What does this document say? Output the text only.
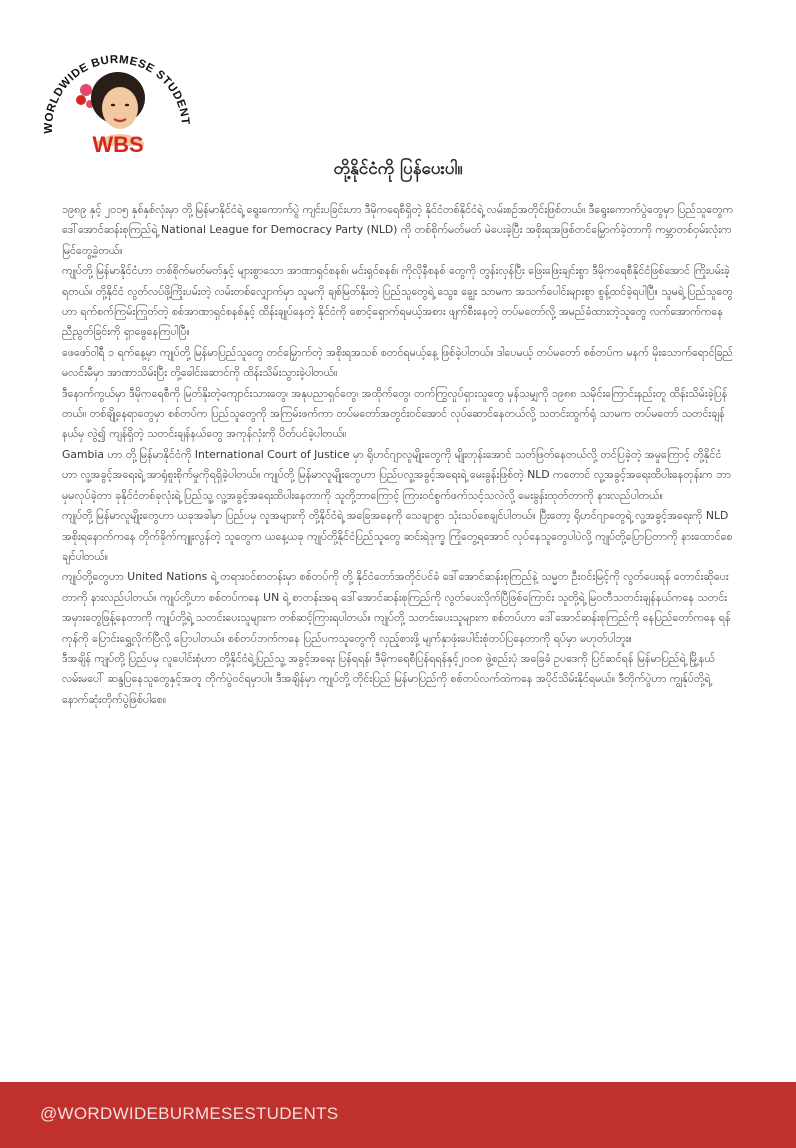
WORLDWIDE BURMESE STUDENT
WBS
တို့နိုင်ငံကို ပြန်ပေးပါ။

၁၉၈၉ နှင့် ၂၀၁၅ နှစ်နှစ်လုံးမှာ တို့မြန်မာနိုင်ငံရဲ့ ရွေးကောက်ပွဲ ကျင်းပခြင်းဟာ ဒီမိုကရေစီရှိတဲ့ နိုင်ငံတစ်နိုင်ငံရဲ့ လမ်းစဉ်အတိုင်းဖြစ်တယ်။ ဒီရွေးကောက်ပွဲတွေမှာ ပြည်သူတွေက ဒေါ်အောင်ဆန်းစုကြည်ရဲ့ National League for Democracy Party (NLD) ကို တစ်စိုက်မတ်မတ် မဲပေးခဲ့ပြီး အစိုးရအဖြစ်တင်မြှောက်ခဲ့တာကို ကမ္ဘာတစ်ဝှမ်းလုံးက မြင်တွေ့ခဲ့တယ်။

ကျုပ်တို့ မြန်မာနိုင်ငံဟာ တစ်စိုက်မတ်မတ်နှင့် များစွာသော အာဏာရှင်စနစ်၊ မင်းရှင်စနစ်၊ ကိုလိုနီစနစ် တွေကို တွန်းလှန်ပြီး ဖြေးဖြေးချင်းစွာ ဒီမိုကရေစီနိုင်ငံဖြစ်အောင် ကြိုးပမ်းခဲ့ရတယ်။ တို့နိုင်ငံ လွတ်လပ်ဖို့ကြိုးပမ်းတဲ့ လမ်းတစ်လျှောက်မှာ သူမကို ချစ်မြတ်နိုးတဲ့ ပြည်သူတွေရဲ့ သွေး၊ ချွေး သာမက အသက်ပေါင်းများစွာ စွန့်ထင်ခဲ့ရပါပြီ။ သူမရဲ့ ပြည်သူတွေဟာ ရက်စက်ကြမ်းကြုတ်တဲ့ စစ်အာဏာရှင်စနစ်နှင့် ထိန်းချုပ်နေတဲ့ နိုင်ငံကို စောင့်ရှောက်ရမယ့်အစား ဖျက်စီးနေတဲ့ တပ်မတော်လို့ အမည်ခံထားတဲ့သူတွေ လက်အောက်ကနေ ညီညွတ်ခြင်းကို ရှာဖွေနေကြပါပြီ။

ဖေဖော်ဝါရီ ၁ ရက်နေ့မှာ ကျုပ်တို့ မြန်မာပြည်သူတွေ တင်မြှောက်တဲ့ အစိုးရအသစ် စတင်ရမယ့်နေ့ ဖြစ်ခဲ့ပါတယ်။ ဒါပေမယ့် တပ်မတော် စစ်တပ်က မနက် မိုးသောက်ရောင်ခြည်မလင်းမီမှာ အာဏာသိမ်းပြီး တို့ခေါင်းဆောင်ကို ထိန်းသိမ်းသွားခဲ့ပါတယ်။

ဒီနောက်ကွယ်မှာ ဒီမိုကရေစီကို မြတ်နိုးတဲ့ကျောင်းသားတွေ၊ အနုပညာရှင်တွေ၊ အထိုက်တွေ၊ တက်ကြွလှုပ်ရှားသူတွေ မှန်သမျှကို ၁၉၈၈ သမိုင်းကြောင်းနည်းတူ ထိန်းသိမ်းခဲ့ပြန်တယ်။ တစ်ချို့နေရာတွေမှာ စစ်တပ်က ပြည်သူတွေကို အကြမ်းဖက်ကာ တပ်မတော်အတွင်းဝင်အောင် လုပ်ဆောင်နေတယ်လို့ သတင်းထွက်ရုံ သာမက တပ်မတော် သတင်းချန်နယ်မှ လွဲ၍ ကျန်ရှိတဲ့ သတင်းချန်နယ်တွေ အကုန်လုံးကို ပိတ်ပင်ခဲ့ပါတယ်။

Gambia ဟာ တို့မြန်မာနိုင်ငံကို International Court of Justice မှာ ရိုဟင်ဂျာလူမျိုးတွေကို မျိုးတုန်းအောင် သတ်ဖြတ်နေတယ်လို့ တင်ပြခဲ့တဲ့ အမှုကြောင့် တို့နိုင်ငံဟာ လူ့အခွင့်အရေးရဲ့ အာရုံစူးစိုက်မှုကိုရရှိခဲ့ပါတယ်။ ကျုပ်တို့ မြန်မာလူမျိုးတွေဟာ ပြည်ပလူ့အခွင့်အရေးရဲ့ မေးခွန်းဖြစ်တဲ့ NLD ကတောင် လူ့အခွင့်အရေးထိပါးနေတုန်းက ဘာမှမလုပ်ခဲ့တာ ခုနိုင်ငံတစ်ခုလုံးရဲ့ ပြည်သူ့ လူ့အခွင့်အရေးထိပါးနေတာကို သူတို့ဘာကြောင့် ကြားဝင်စွက်ဖက်သင့်သလဲလို့ မေးခွန်းထုတ်တာကို နားလည်ပါတယ်။

ကျုပ်တို့ မြန်မာလူမျိုးတွေဟာ ယခုအခါမှာ ပြည်ပမှ လူအများကို တို့နိုင်ငံရဲ့ အခြေအနေကို သေချာစွာ သုံးသပ်စေချင်ပါတယ်။ ပြီးတော့ ရိုဟင်ဂျာတွေရဲ့ လူ့အခွင့်အရေးကို NLD အစိုးရနောက်ကနေ တိုက်ခိုက်ကျူးလွန်တဲ့ သူတွေက ယနေ့ယခု ကျုပ်တို့နိုင်ငံပြည်သူတွေ ဆင်းရဲဒုက္ခ ကြုံတွေ့ရအောင် လုပ်နေသူတွေပါပဲလို့ ကျုပ်တို့ပြောပြတာကို နားထောင်စေချင်ပါတယ်။

ကျုပ်တို့တွေဟာ United Nations ရဲ့ တရားဝင်စာတန်းမှာ စစ်တပ်ကို တို့ နိုင်ငံတော်အတိုင်ပင်ခံ ဒေါ်အောင်ဆန်းစုကြည်နဲ့ သမ္မတ ဦးဝင်းမြင့်ကို လွတ်ပေးရန် တောင်းဆိုပေးတာကို နားလည်ပါတယ်။ ကျုပ်တို့ဟာ စစ်တပ်ကနေ UN ရဲ့ စာတန်းအရ ဒေါ်အောင်ဆန်းစုကြည်ကို လွတ်ပေးလိုက်ပြီဖြစ်ကြောင်း သူတို့ရဲ့ မြဝတီသတင်းချန်နယ်ကနေ သတင်းအမှားတွေဖြန့်နေတာကို ကျုပ်တို့ရဲ့ သတင်းပေးသူများက တစ်ဆင့်ကြားရပါတယ်။ ကျုပ်တို့ သတင်းပေးသူများက စစ်တပ်ဟာ ဒေါ်အောင်ဆန်းစုကြည်ကို နေပြည်တော်ကနေ ရန်ကုန်ကို ပြောင်းရွှေ့လိုက်ပြီလို့ ပြောပါတယ်။ စစ်တပ်ဘက်ကနေ ပြည်ပကသူတွေကို လှည့်စားဖို့ မျက်နှာဖုံးပေါင်းစုံတပ်ပြနေတာကို ရပ်မှာ မဟုတ်ပါဘူး။

ဒီအချိန် ကျုပ်တို့ ပြည်ပမှ လူပေါင်းစုံဟာ တို့နိုင်ငံရဲ့ပြည်သူ့ အခွင့်အရေး ပြန်ရရန်၊ ဒီမိုကရေစီပြန်ရရန်နှင့်၂၀၀၈ ဖွဲ့စည်းပုံ အခြေခံ ဥပဒေကို ပြင်ဆင်ရန် မြန်မာပြည်ရဲ့ မြို့နယ် လမ်းမပေါ် ဆန္ဒပြနေသူတွေနှင့်အတူ တိုက်ပွဲဝင်ရမှာပါ။ ဒီအချိန်မှာ ကျုပ်တို့ တိုင်းပြည် မြန်မာပြည်ကို စစ်တပ်လက်ထဲကနေ အပိုင်သိမ်းနိုင်ရမယ်။ ဒီတိုက်ပွဲဟာ ကျွန်ုပ်တို့ရဲ့ နောက်ဆုံးတိုက်ပွဲဖြစ်ပါစေ။

@WORDWIDEBURMESESTUDENTS
